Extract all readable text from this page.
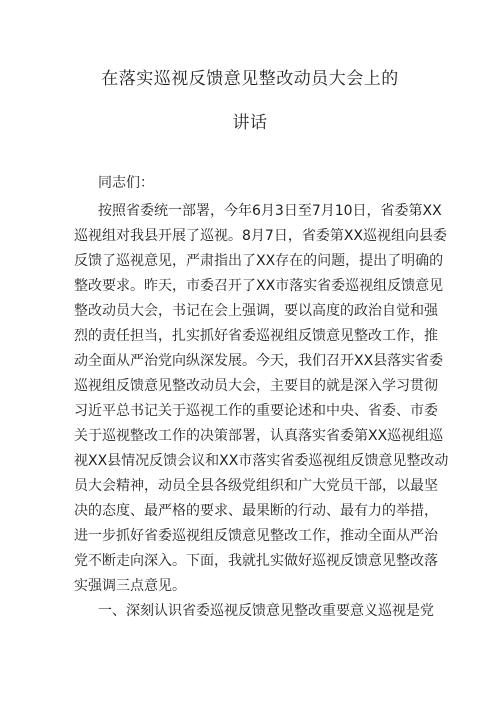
在落实巡视反馈意见整改动员大会上的
讲话

同志们：

按照省委统一部署，今年6月3日至7月10日，省委第XX
巡视组对我县开展了巡视。8月7日，省委第XX巡视组向县委
反馈了巡视意见，严肃指出了XX存在的问题，提出了明确的
整改要求。昨天，市委召开了XX市落实省委巡视组反馈意见
整改动员大会，书记在会上强调，要以高度的政治自觉和强
烈的责任担当，扎实抓好省委巡视组反馈意见整改工作，推
动全面从严治党向纵深发展。今天，我们召开XX县落实省委
巡视组反馈意见整改动员大会，主要目的就是深入学习贯彻
习近平总书记关于巡视工作的重要论述和中央、省委、市委
关于巡视整改工作的决策部署，认真落实省委第XX巡视组巡
视XX县情况反馈会议和XX市落实省委巡视组反馈意见整改动
员大会精神，动员全县各级党组织和广大党员干部，以最坚
决的态度、最严格的要求、最果断的行动、最有力的举措，
进一步抓好省委巡视组反馈意见整改工作，推动全面从严治
党不断走向深入。下面，我就扎实做好巡视反馈意见整改落
实强调三点意见。
一、深刻认识省委巡视反馈意见整改重要意义巡视是党
